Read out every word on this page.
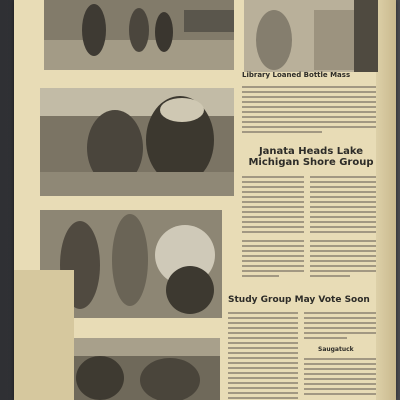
Library Loaned Bottle Mass
Janata Heads Lake Michigan Shore Group
Study Group May Vote Soon
Saugatuck
